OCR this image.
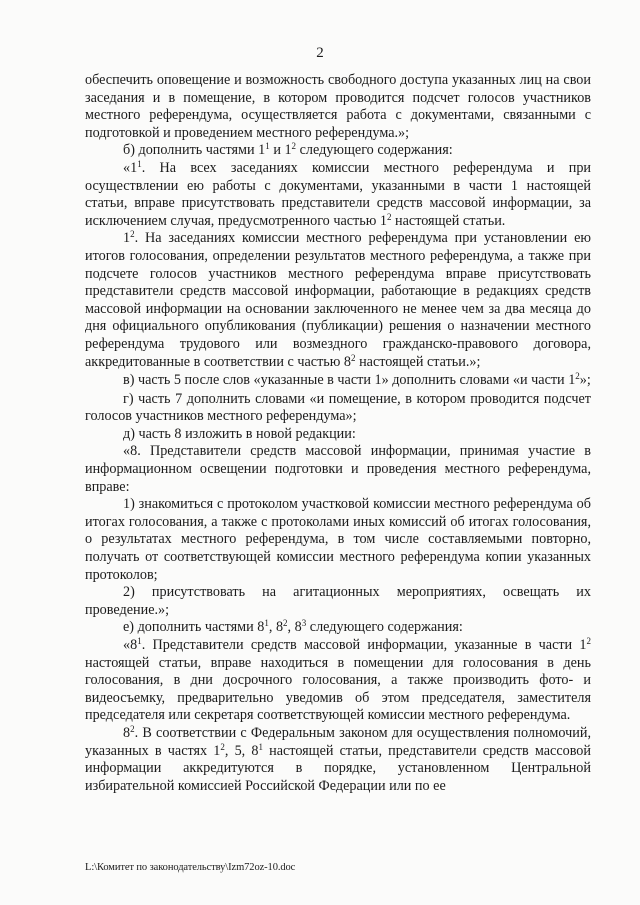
2

обеспечить оповещение и возможность свободного доступа указанных лиц на свои заседания и в помещение, в котором проводится подсчет голосов участников местного референдума, осуществляется работа с документами, связанными с подготовкой и проведением местного референдума.»;

б) дополнить частями $1^1$ и $1^2$ следующего содержания:

«$1^1$. На всех заседаниях комиссии местного референдума и при осуществлении ею работы с документами, указанными в части 1 настоящей статьи, вправе присутствовать представители средств массовой информации, за исключением случая, предусмотренного частью $1^2$ настоящей статьи.

$1^2$. На заседаниях комиссии местного референдума при установлении ею итогов голосования, определении результатов местного референдума, а также при подсчете голосов участников местного референдума вправе присутствовать представители средств массовой информации, работающие в редакциях средств массовой информации на основании заключенного не менее чем за два месяца до дня официального опубликования (публикации) решения о назначении местного референдума трудового или возмездного гражданско-правового договора, аккредитованные в соответствии с частью $8^2$ настоящей статьи.»;

в) часть 5 после слов «указанные в части 1» дополнить словами «и части $1^2$»;

г) часть 7 дополнить словами «и помещение, в котором проводится подсчет голосов участников местного референдума»;

д) часть 8 изложить в новой редакции:

«8. Представители средств массовой информации, принимая участие в информационном освещении подготовки и проведения местного референдума, вправе:

1) знакомиться с протоколом участковой комиссии местного референдума об итогах голосования, а также с протоколами иных комиссий об итогах голосования, о результатах местного референдума, в том числе составляемыми повторно, получать от соответствующей комиссии местного референдума копии указанных протоколов;

2) присутствовать на агитационных мероприятиях, освещать их проведение.»;

е) дополнить частями $8^1$, $8^2$, $8^3$ следующего содержания:

«$8^1$. Представители средств массовой информации, указанные в части $1^2$ настоящей статьи, вправе находиться в помещении для голосования в день голосования, в дни досрочного голосования, а также производить фото- и видеосъемку, предварительно уведомив об этом председателя, заместителя председателя или секретаря соответствующей комиссии местного референдума.

$8^2$. В соответствии с Федеральным законом для осуществления полномочий, указанных в частях $1^2$, 5, $8^1$ настоящей статьи, представители средств массовой информации аккредитуются в порядке, установленном Центральной избирательной комиссией Российской Федерации или по ее

L:\Комитет по законодательству\Izm72oz-10.doc
